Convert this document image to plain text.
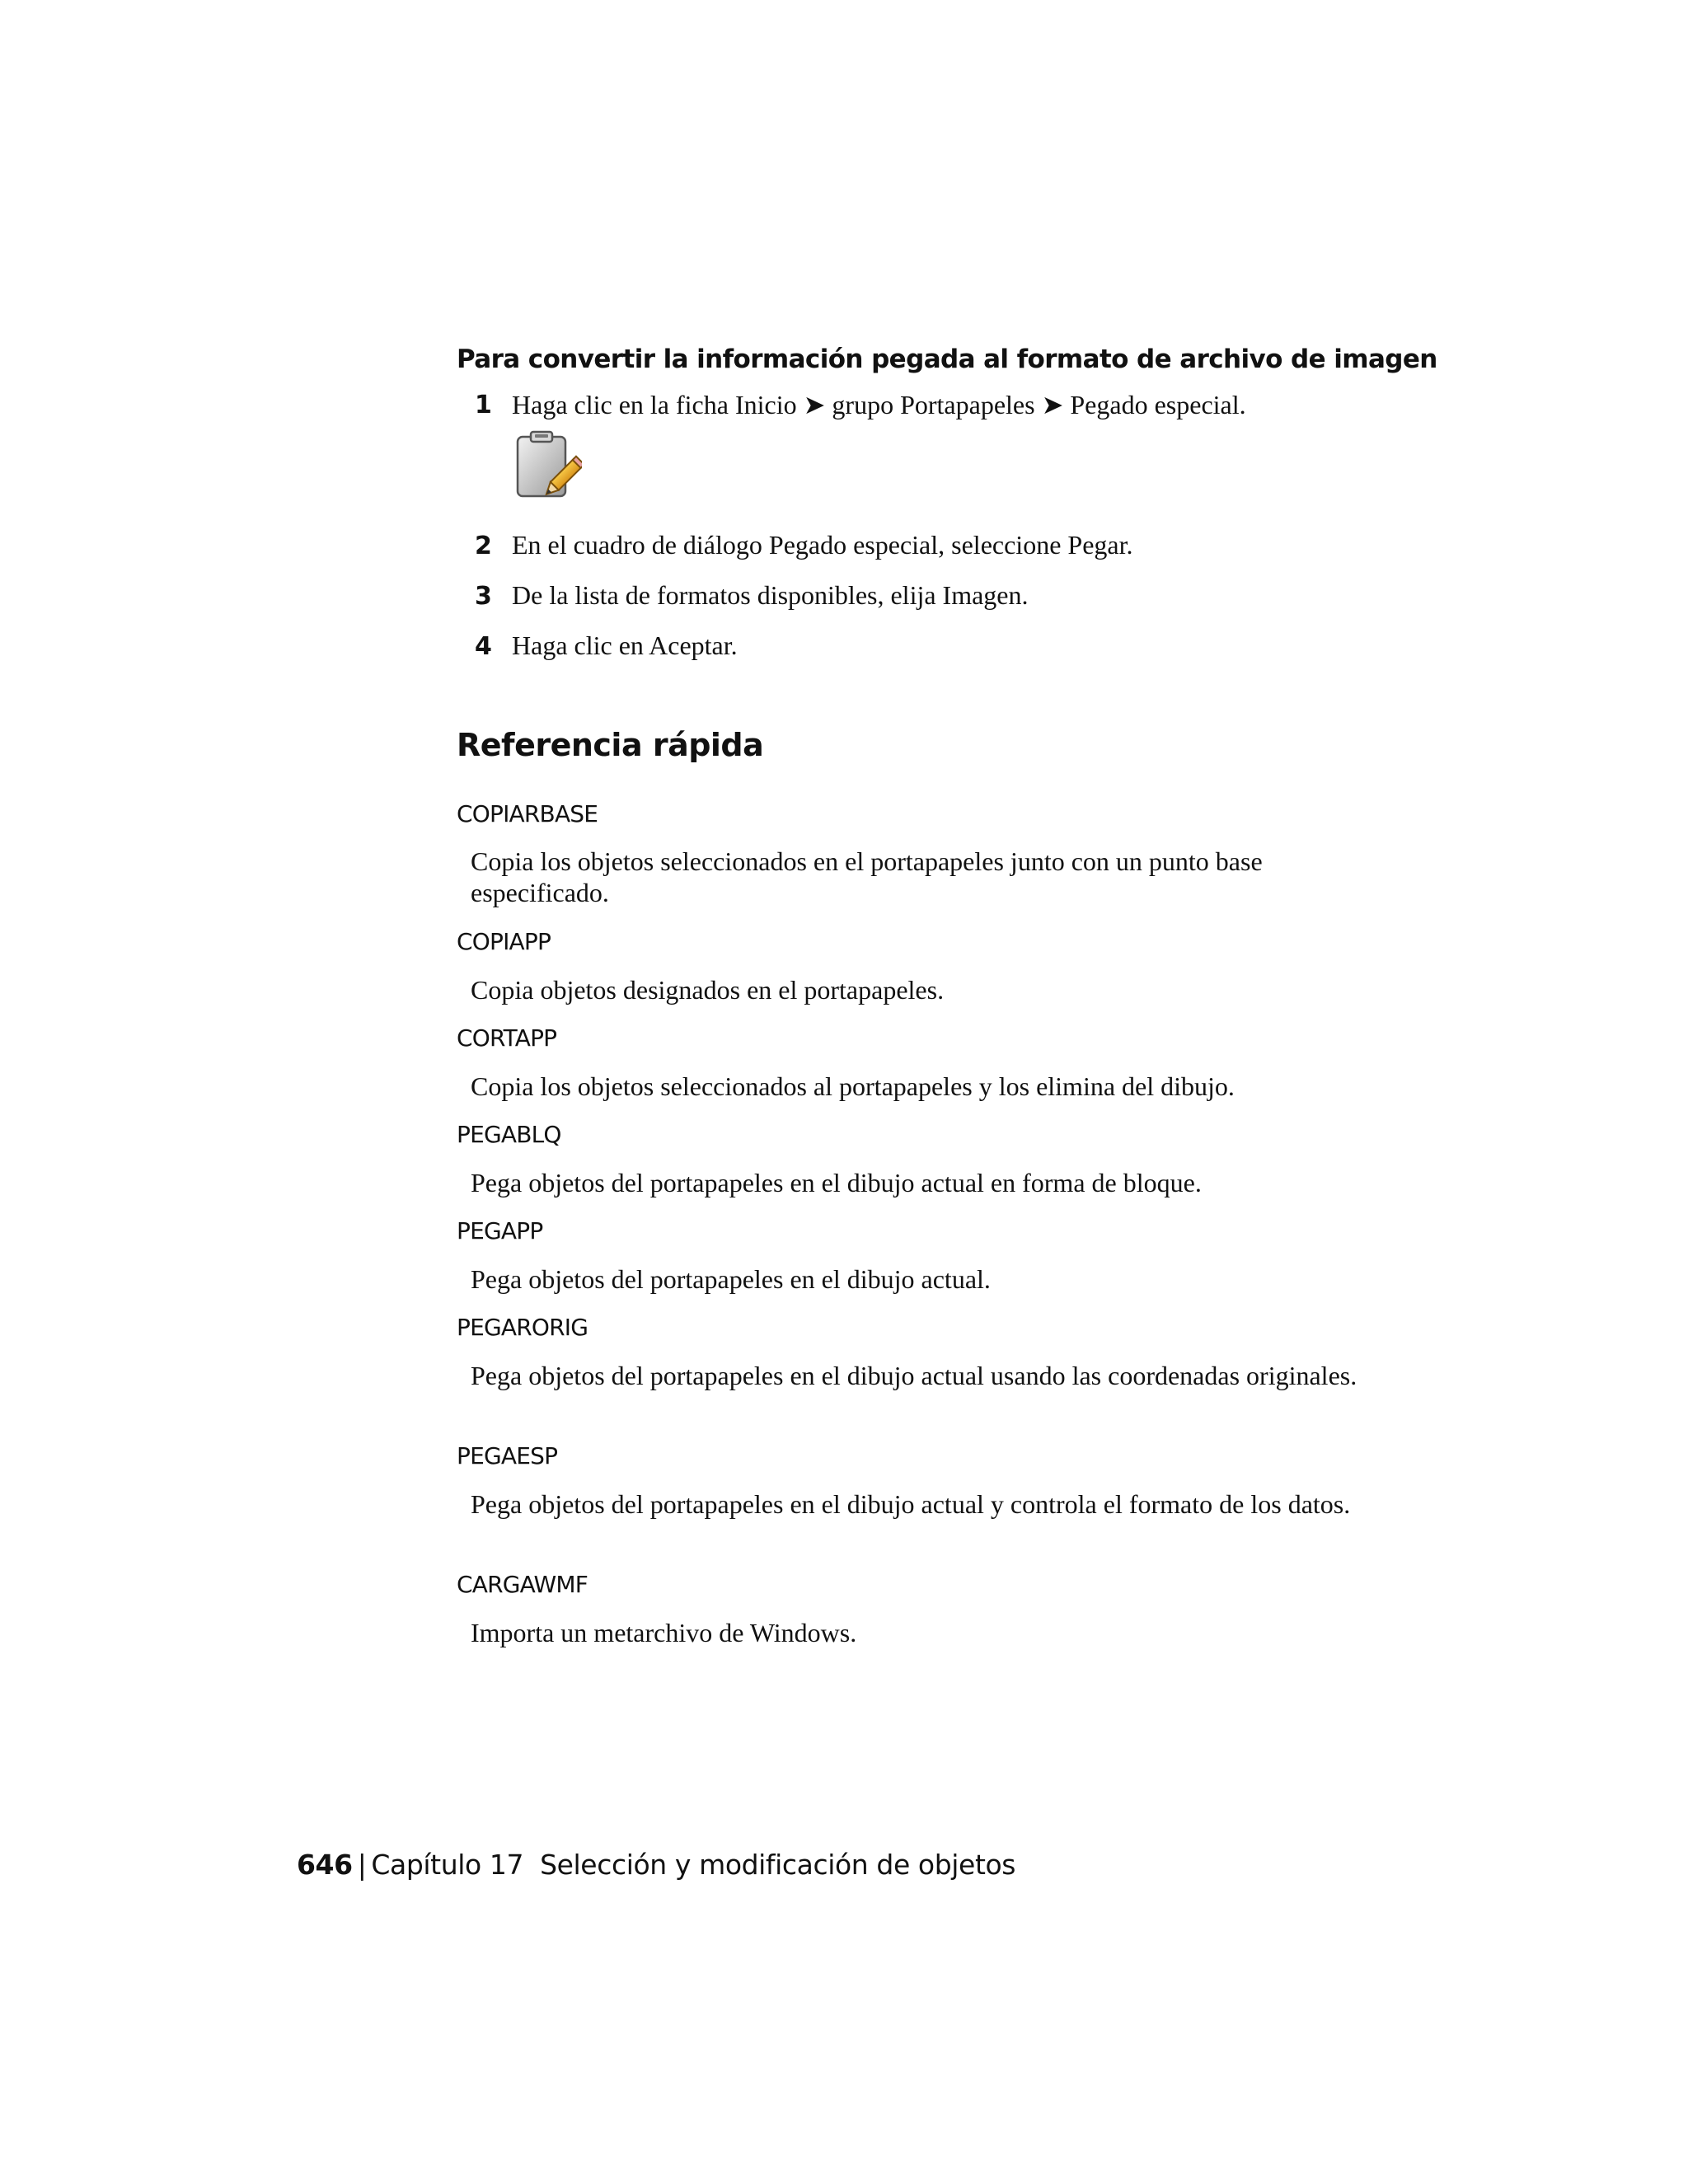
Para convertir la información pegada al formato de archivo de imagen
1 Haga clic en la ficha Inicio ➤ grupo Portapapeles ➤ Pegado especial.
2 En el cuadro de diálogo Pegado especial, seleccione Pegar.
3 De la lista de formatos disponibles, elija Imagen.
4 Haga clic en Aceptar.
Referencia rápida
COPIARBASE
Copia los objetos seleccionados en el portapapeles junto con un punto base especificado.
COPIAPP
Copia objetos designados en el portapapeles.
CORTAPP
Copia los objetos seleccionados al portapapeles y los elimina del dibujo.
PEGABLQ
Pega objetos del portapapeles en el dibujo actual en forma de bloque.
PEGAPP
Pega objetos del portapapeles en el dibujo actual.
PEGARORIG
Pega objetos del portapapeles en el dibujo actual usando las coordenadas originales.
PEGAESP
Pega objetos del portapapeles en el dibujo actual y controla el formato de los datos.
CARGAWMF
Importa un metarchivo de Windows.
646 | Capítulo 17 Selección y modificación de objetos
